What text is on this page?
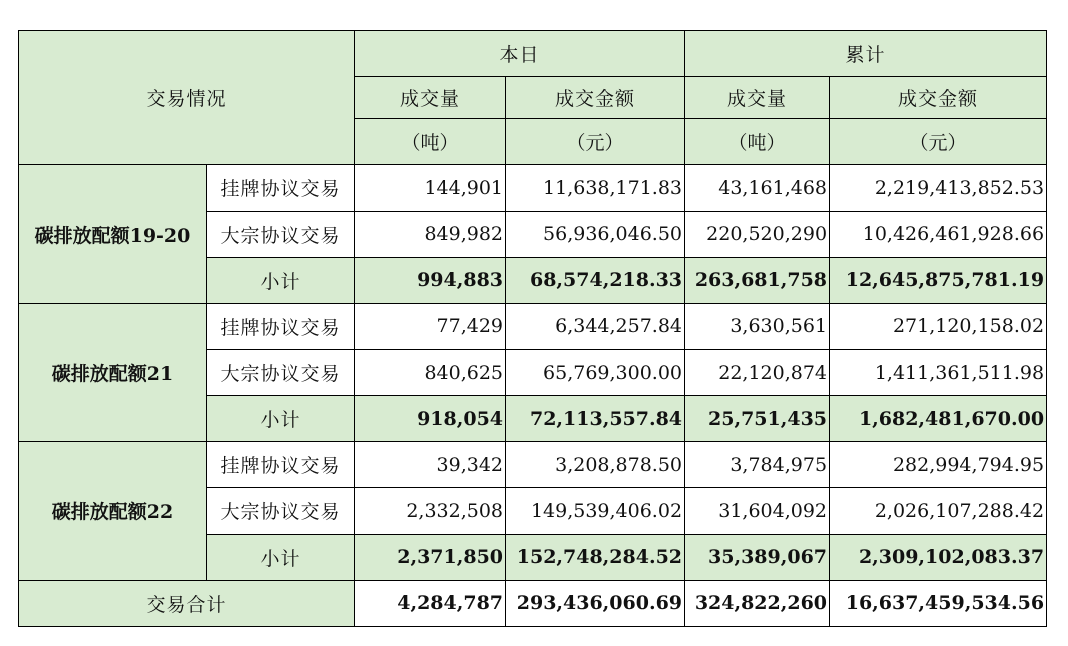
交易情况		本日		累计	
		成交量	成交金额	成交量	成交金额
		（吨）	（元）	（吨）	（元）
碳排放配额19-20	挂牌协议交易	144,901	11,638,171.83	43,161,468	2,219,413,852.53
	大宗协议交易	849,982	56,936,046.50	220,520,290	10,426,461,928.66
	小计	994,883	68,574,218.33	263,681,758	12,645,875,781.19
碳排放配额21	挂牌协议交易	77,429	6,344,257.84	3,630,561	271,120,158.02
	大宗协议交易	840,625	65,769,300.00	22,120,874	1,411,361,511.98
	小计	918,054	72,113,557.84	25,751,435	1,682,481,670.00
碳排放配额22	挂牌协议交易	39,342	3,208,878.50	3,784,975	282,994,794.95
	大宗协议交易	2,332,508	149,539,406.02	31,604,092	2,026,107,288.42
	小计	2,371,850	152,748,284.52	35,389,067	2,309,102,083.37
交易合计		4,284,787	293,436,060.69	324,822,260	16,637,459,534.56
